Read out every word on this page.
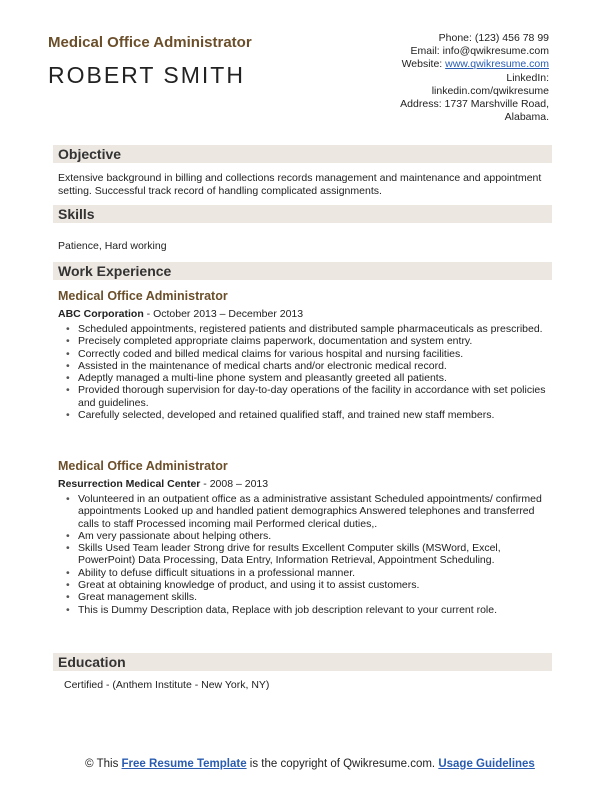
Medical Office Administrator
ROBERT SMITH
Phone: (123) 456 78 99
Email: info@qwikresume.com
Website: www.qwikresume.com
LinkedIn:
linkedin.com/qwikresume
Address: 1737 Marshville Road,
Alabama.
Objective
Extensive background in billing and collections records management and maintenance and appointment setting. Successful track record of handling complicated assignments.
Skills
Patience, Hard working
Work Experience
Medical Office Administrator
ABC Corporation - October 2013 – December 2013
• Scheduled appointments, registered patients and distributed sample pharmaceuticals as prescribed.
• Precisely completed appropriate claims paperwork, documentation and system entry.
• Correctly coded and billed medical claims for various hospital and nursing facilities.
• Assisted in the maintenance of medical charts and/or electronic medical record.
• Adeptly managed a multi-line phone system and pleasantly greeted all patients.
• Provided thorough supervision for day-to-day operations of the facility in accordance with set policies and guidelines.
• Carefully selected, developed and retained qualified staff, and trained new staff members.
Medical Office Administrator
Resurrection Medical Center - 2008 – 2013
• Volunteered in an outpatient office as a administrative assistant Scheduled appointments/ confirmed appointments Looked up and handled patient demographics Answered telephones and transferred calls to staff Processed incoming mail Performed clerical duties,.
• Am very passionate about helping others.
• Skills Used Team leader Strong drive for results Excellent Computer skills (MSWord, Excel, PowerPoint) Data Processing, Data Entry, Information Retrieval, Appointment Scheduling.
• Ability to defuse difficult situations in a professional manner.
• Great at obtaining knowledge of product, and using it to assist customers.
• Great management skills.
• This is Dummy Description data, Replace with job description relevant to your current role.
Education
Certified - (Anthem Institute - New York, NY)
© This Free Resume Template is the copyright of Qwikresume.com. Usage Guidelines
